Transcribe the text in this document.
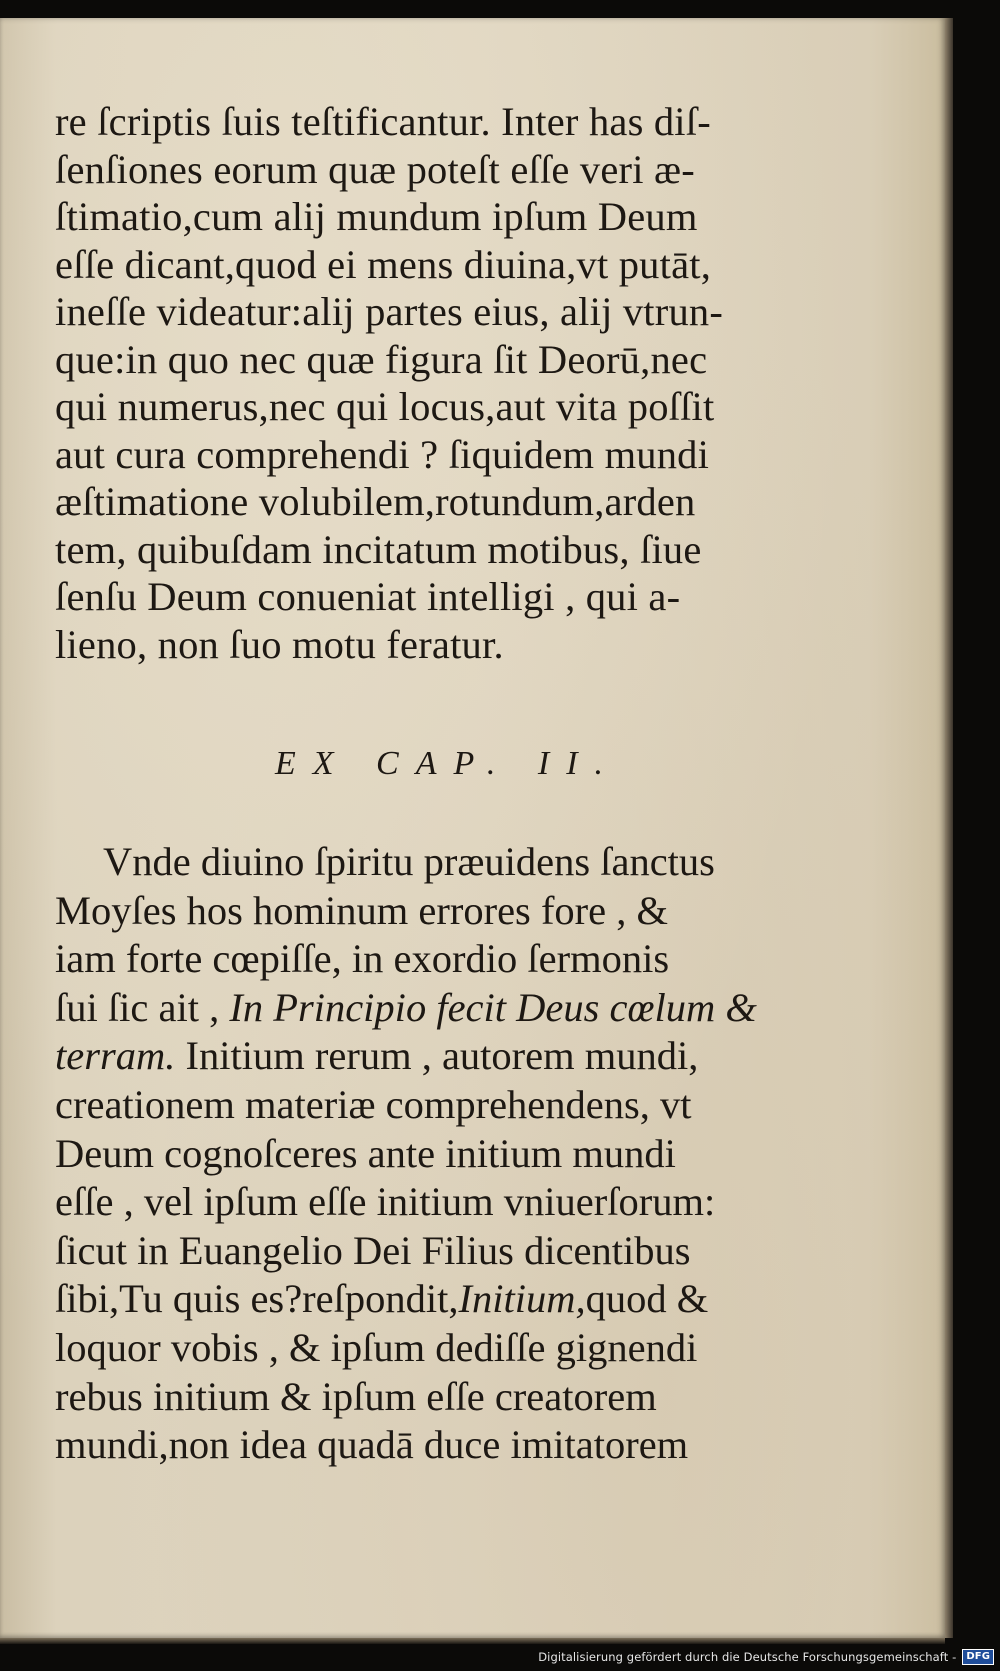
re ſcriptis ſuis teſtificantur. Inter has diſ-
ſenſiones eorum quæ poteſt eſſe veri æ-
ſtimatio,cum alij mundum ipſum Deum
eſſe dicant,quod ei mens diuina,vt putāt,
ineſſe videatur:alij partes eius, alij vtrun-
que:in quo nec quæ figura ſit Deorū,nec
qui numerus,nec qui locus,aut vita poſſit
aut cura comprehendi ? ſiquidem mundi
æſtimatione volubilem,rotundum,arden
tem, quibuſdam incitatum motibus, ſiue
ſenſu Deum conueniat intelligi , qui a-
lieno, non ſuo motu feratur.
EX CAP. II.
Vnde diuino ſpiritu præuidens ſanctus
Moyſes hos hominum errores fore , &
iam forte cœpiſſe, in exordio ſermonis
ſui ſic ait , In Principio fecit Deus cœlum &
terram. Initium rerum , autorem mundi,
creationem materiæ comprehendens, vt
Deum cognoſceres ante initium mundi
eſſe , vel ipſum eſſe initium vniuerſorum:
ſicut in Euangelio Dei Filius dicentibus
ſibi,Tu quis es?reſpondit,Initium,quod &
loquor vobis , & ipſum dediſſe gignendi
rebus initium & ipſum eſſe creatorem
mundi,non idea quadā duce imitatorem
Digitalisierung gefördert durch die Deutsche Forschungsgemeinschaft -	DFG
